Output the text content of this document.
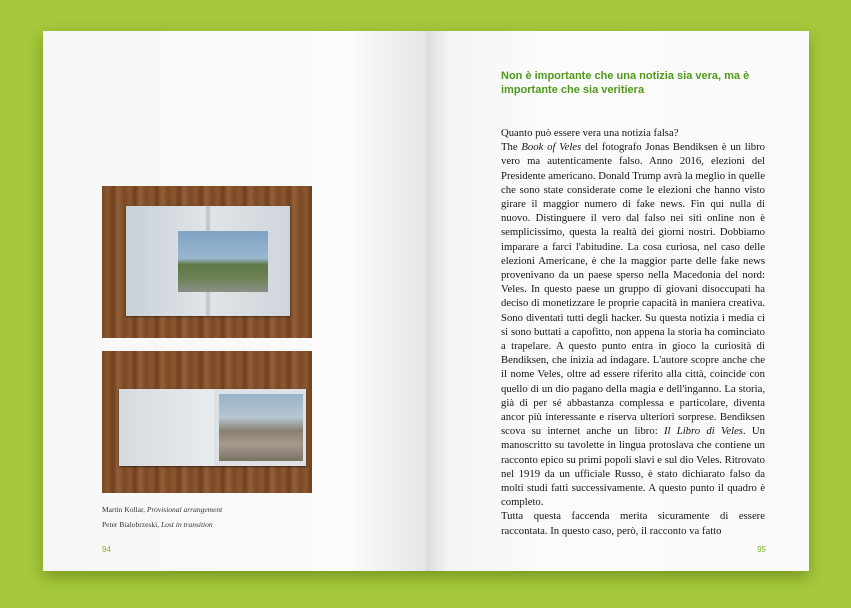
Martin Kollar, Provisional arrangement
Peter Bialobrzeski, Lost in transition
94
Non è importante che una notizia sia vera, ma è importante che sia veritiera

Quanto può essere vera una notizia falsa?

The Book of Veles del fotografo Jonas Bendiksen è un libro vero ma autenticamente falso. Anno 2016, elezioni del Presidente americano. Donald Trump avrà la meglio in quelle che sono state considerate come le elezioni che hanno visto girare il maggior numero di fake news. Fin qui nulla di nuovo. Distinguere il vero dal falso nei siti online non è semplicissimo, questa la realtà dei giorni nostri. Dobbiamo imparare a farci l'abitudine. La cosa curiosa, nel caso delle elezioni Americane, è che la maggior parte delle fake news provenivano da un paese sperso nella Macedonia del nord: Veles. In questo paese un gruppo di giovani disoccupati ha deciso di monetizzare le proprie capacità in maniera creativa. Sono diventati tutti degli hacker. Su questa notizia i media ci si sono buttati a capofitto, non appena la storia ha cominciato a trapelare. A questo punto entra in gioco la curiosità di Bendiksen, che inizia ad indagare. L'autore scopre anche che il nome Veles, oltre ad essere riferito alla città, coincide con quello di un dio pagano della magia e dell'inganno. La storia, già di per sé abbastanza complessa e particolare, diventa ancor più interessante e riserva ulteriori sorprese. Bendiksen scova su internet anche un libro: Il Libro di Veles. Un manoscritto su tavolette in lingua protoslava che contiene un racconto epico su primi popoli slavi e sul dio Veles. Ritrovato nel 1919 da un ufficiale Russo, è stato dichiarato falso da molti studi fatti successivamente. A questo punto il quadro è completo.

Tutta questa faccenda merita sicuramente di essere raccontata. In questo caso, però, il racconto va fatto

95
